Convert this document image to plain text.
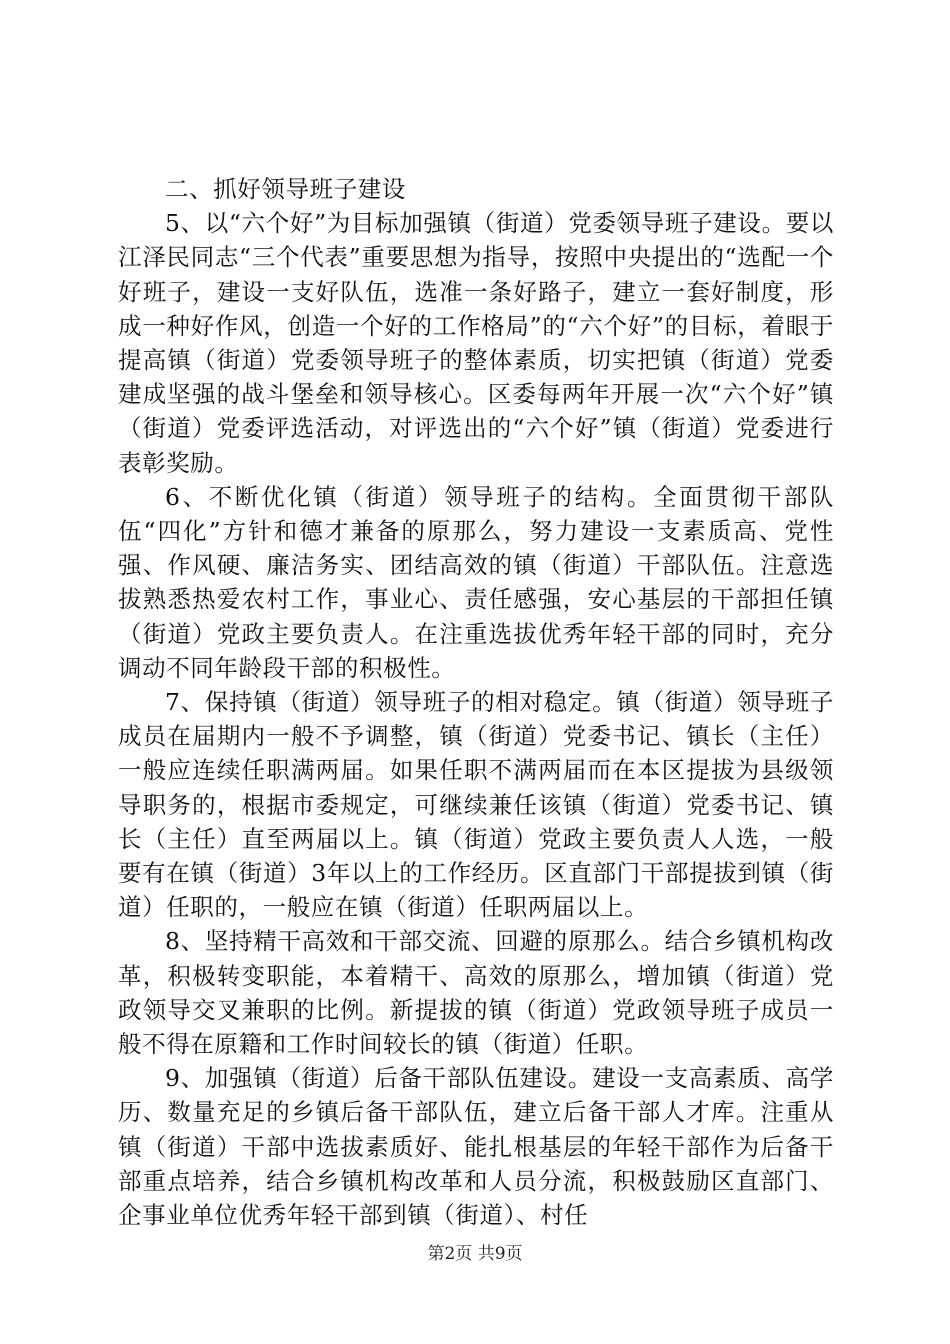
二、抓好领导班子建设

5、以“六个好”为目标加强镇（街道）党委领导班子建设。要以江泽民同志“三个代表”重要思想为指导，按照中央提出的“选配一个好班子，建设一支好队伍，选准一条好路子，建立一套好制度，形成一种好作风，创造一个好的工作格局”的“六个好”的目标，着眼于提高镇（街道）党委领导班子的整体素质，切实把镇（街道）党委建成坚强的战斗堡垒和领导核心。区委每两年开展一次“六个好”镇（街道）党委评选活动，对评选出的“六个好”镇（街道）党委进行表彰奖励。

6、不断优化镇（街道）领导班子的结构。全面贯彻干部队伍“四化”方针和德才兼备的原那么，努力建设一支素质高、党性强、作风硬、廉洁务实、团结高效的镇（街道）干部队伍。注意选拔熟悉热爱农村工作，事业心、责任感强，安心基层的干部担任镇（街道）党政主要负责人。在注重选拔优秀年轻干部的同时，充分调动不同年龄段干部的积极性。

7、保持镇（街道）领导班子的相对稳定。镇（街道）领导班子成员在届期内一般不予调整，镇（街道）党委书记、镇长（主任）一般应连续任职满两届。如果任职不满两届而在本区提拔为县级领导职务的，根据市委规定，可继续兼任该镇（街道）党委书记、镇长（主任）直至两届以上。镇（街道）党政主要负责人人选，一般要有在镇（街道）3年以上的工作经历。区直部门干部提拔到镇（街道）任职的，一般应在镇（街道）任职两届以上。

8、坚持精干高效和干部交流、回避的原那么。结合乡镇机构改革，积极转变职能，本着精干、高效的原那么，增加镇（街道）党政领导交叉兼职的比例。新提拔的镇（街道）党政领导班子成员一般不得在原籍和工作时间较长的镇（街道）任职。

9、加强镇（街道）后备干部队伍建设。建设一支高素质、高学历、数量充足的乡镇后备干部队伍，建立后备干部人才库。注重从镇（街道）干部中选拔素质好、能扎根基层的年轻干部作为后备干部重点培养，结合乡镇机构改革和人员分流，积极鼓励区直部门、企事业单位优秀年轻干部到镇（街道）、村任

第2页 共9页
